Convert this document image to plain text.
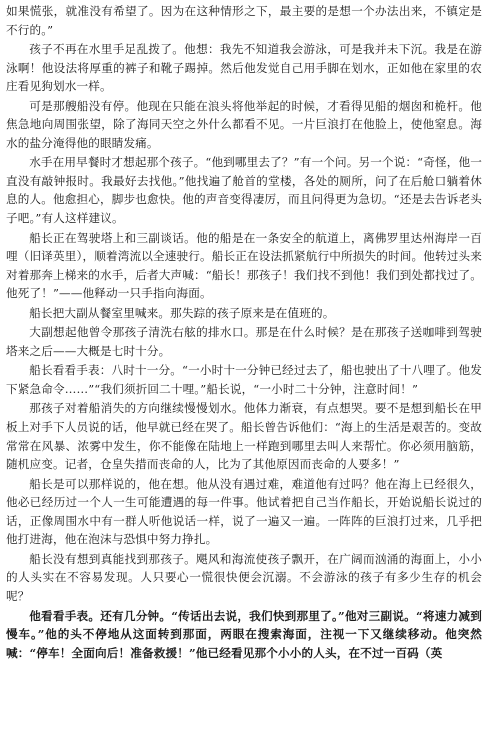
如果慌张，就准没有希望了。因为在这种情形之下，最主要的是想一个办法出来，不镇定是不行的。”

孩子不再在水里手足乱拨了。他想：我先不知道我会游泳，可是我并未下沉。我是在游泳啊！他设法将厚重的裤子和靴子踢掉。然后他发觉自己用手脚在划水，正如他在家里的农庄看见狗划水一样。

可是那艘船没有停。他现在只能在浪头将他举起的时候，才看得见船的烟囱和桅杆。他焦急地向周围张望，除了海同天空之外什么都看不见。一片巨浪打在他脸上，使他窒息。海水的盐分淹得他的眼睛发痛。

水手在用早餐时才想起那个孩子。“他到哪里去了？”有一个问。另一个说：“奇怪，他一直没有敲钟报时。我最好去找他。”他找遍了舱首的堂楼，各处的厕所，问了在后舱口躺着休息的人。他愈担心，脚步也愈快。他的声音变得凄厉，而且问得更为急切。“还是去告诉老头子吧。”有人这样建议。

船长正在驾驶塔上和三副谈话。他的船是在一条安全的航道上，离佛罗里达州海岸一百哩（旧译英里），顺着湾流以全速驶行。船长正在设法抓紧航行中所损失的时间。他转过头来对着那奔上梯来的水手，后者大声喊：“船长！那孩子！我们找不到他！我们到处都找过了。他死了！”——他释动一只手指向海面。

船长把大副从餐室里喊来。那失踪的孩子原来是在值班的。

大副想起他曾令那孩子清洗右舷的排水口。那是在什么时候？是在那孩子送咖啡到驾驶塔来之后——大概是七时十分。

船长看看手表：八时十一分。“一小时十一分钟已经过去了，船也驶出了十八哩了。他发下紧急命令……”“我们须折回二十哩。”船长说，“一小时二十分钟，注意时间！”

那孩子对着船消失的方向继续慢慢划水。他体力渐衰，有点想哭。要不是想到船长在甲板上对手下人员说的话，他早就已经在哭了。船长曾告诉他们：“海上的生活是艰苦的。变故常常在风暴、浓雾中发生，你不能像在陆地上一样跑到哪里去叫人来帮忙。你必须用脑筋，随机应变。记者，仓皇失措而丧命的人，比为了其他原因而丧命的人要多！”

船长是可以那样说的，他在想。他从没有遇过难，难道他有过吗？他在海上已经很久，他必已经历过一个人一生可能遭遇的每一件事。他试着把自己当作船长，开始说船长说过的话，正像周围水中有一群人听他说话一样，说了一遍又一遍。一阵阵的巨浪打过来，几乎把他打进海，他在泡沫与恐惧中努力挣扎。

船长没有想到真能找到那孩子。飓风和海流使孩子飘开，在广阔而汹涌的海面上，小小的人头实在不容易发现。人只要心一慌很快便会沉溺。不会游泳的孩子有多少生存的机会呢？

他看看手表。还有几分钟。“传话出去说，我们快到那里了。”他对三副说。“将速力减到慢车。”他的头不停地从这面转到那面，两眼在搜索海面，注视一下又继续移动。他突然喊：“停车！全面向后！准备救援！”他已经看见那个小小的人头，在不过一百码（英
